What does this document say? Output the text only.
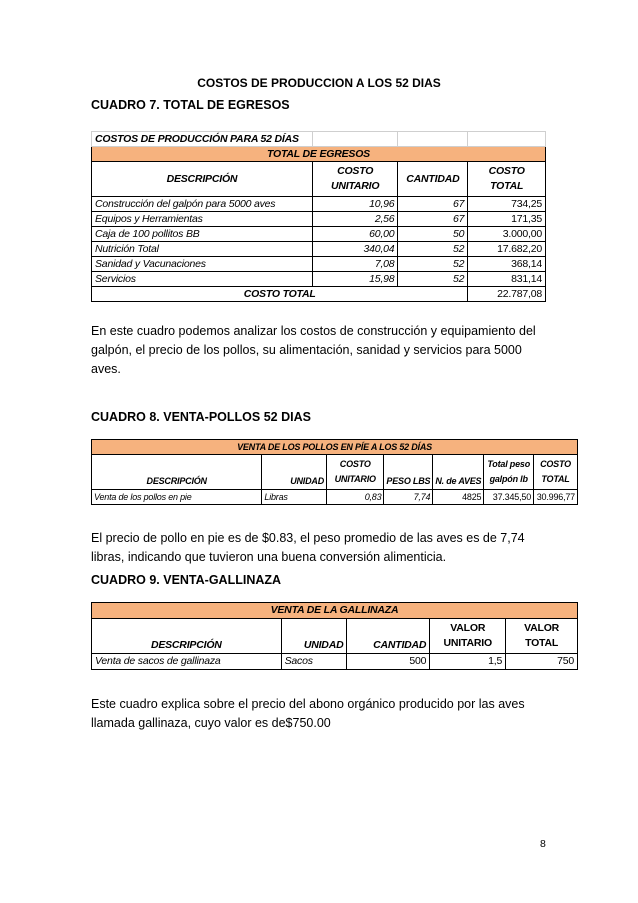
COSTOS DE PRODUCCION A LOS 52 DIAS
CUADRO 7. TOTAL DE EGRESOS
COSTOS DE PRODUCCIÓN PARA 52 DÍAS			
TOTAL DE EGRESOS			
DESCRIPCIÓN	COSTO UNITARIO	CANTIDAD	COSTO TOTAL
Construcción del galpón para 5000 aves	10,96	67	734,25
Equipos y Herramientas	2,56	67	171,35
Caja de 100 pollitos BB	60,00	50	3.000,00
Nutrición Total	340,04	52	17.682,20
Sanidad y Vacunaciones	7,08	52	368,14
Servicios	15,98	52	831,14
COSTO TOTAL			22.787,08
En este cuadro podemos analizar los costos de construcción y equipamiento del galpón, el precio de los pollos, su alimentación, sanidad y servicios para 5000 aves.
CUADRO 8. VENTA-POLLOS 52 DIAS
VENTA DE LOS POLLOS EN PÍE A LOS 52 DÍAS						
DESCRIPCIÓN	UNIDAD	COSTO UNITARIO	PESO LBS	N. de AVES	Total peso galpón lb	COSTO TOTAL
Venta de los pollos en pie	Libras	0,83	7,74	4825	37.345,50	30.996,77
El precio de pollo en pie es de $0.83, el peso promedio de las aves es de 7,74 libras, indicando que tuvieron una buena conversión alimenticia.
CUADRO 9. VENTA-GALLINAZA
VENTA DE LA GALLINAZA				
DESCRIPCIÓN	UNIDAD	CANTIDAD	VALOR UNITARIO	VALOR TOTAL
Venta de sacos de gallinaza	Sacos	500	1,5	750
Este cuadro explica sobre el precio del abono orgánico producido por las aves llamada gallinaza, cuyo valor es de$750.00
8
